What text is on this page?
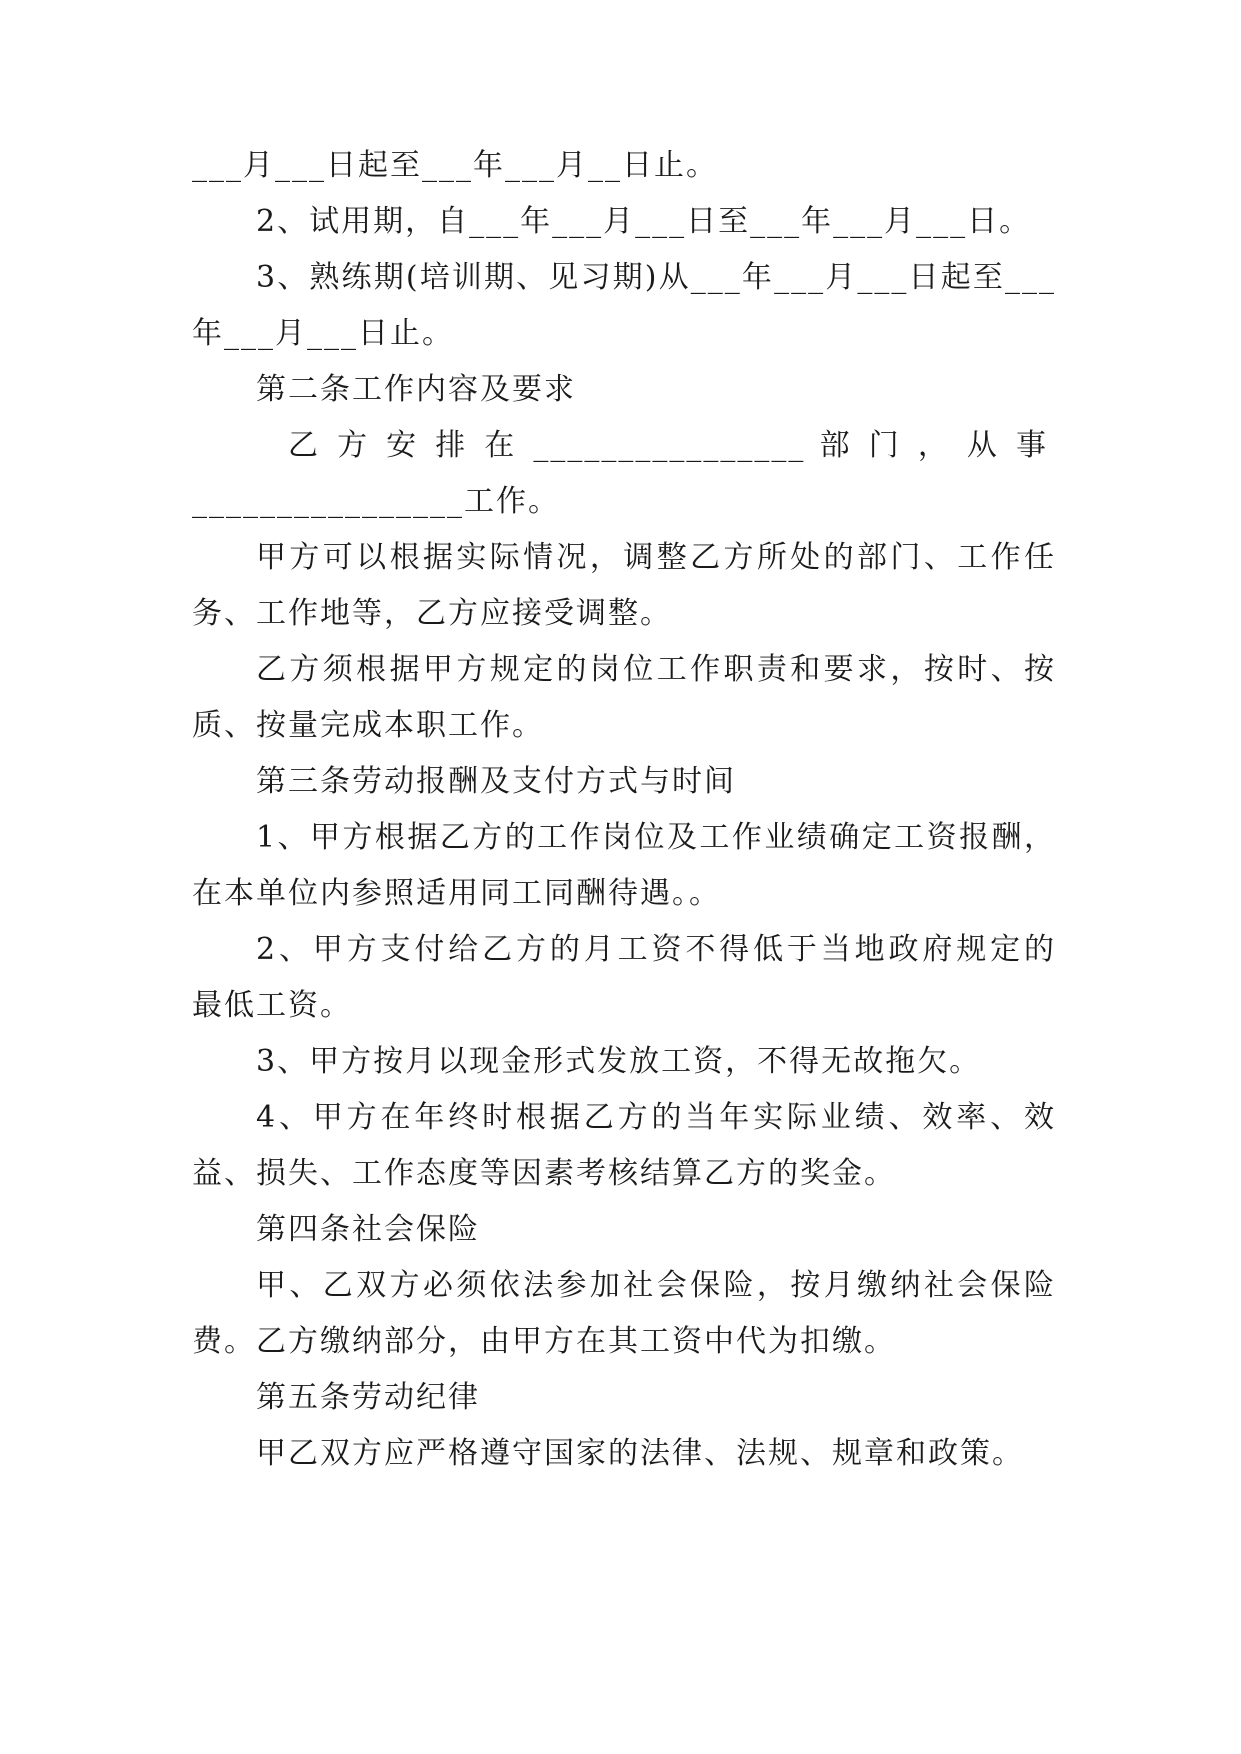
___月___日起至___年___月__日止。
2、试用期，自___年___月___日至___年___月___日。
3、熟练期(培训期、见习期)从___年___月___日起至___
年___月___日止。
第二条工作内容及要求
乙 方 安 排 在 ________________ 部 门 ， 从 事
________________工作。
甲方可以根据实际情况，调整乙方所处的部门、工作任
务、工作地等，乙方应接受调整。
乙方须根据甲方规定的岗位工作职责和要求，按时、按
质、按量完成本职工作。
第三条劳动报酬及支付方式与时间
1、甲方根据乙方的工作岗位及工作业绩确定工资报酬，
在本单位内参照适用同工同酬待遇。。
2、甲方支付给乙方的月工资不得低于当地政府规定的
最低工资。
3、甲方按月以现金形式发放工资，不得无故拖欠。
4、甲方在年终时根据乙方的当年实际业绩、效率、效
益、损失、工作态度等因素考核结算乙方的奖金。
第四条社会保险
甲、乙双方必须依法参加社会保险，按月缴纳社会保险
费。乙方缴纳部分，由甲方在其工资中代为扣缴。
第五条劳动纪律
甲乙双方应严格遵守国家的法律、法规、规章和政策。
